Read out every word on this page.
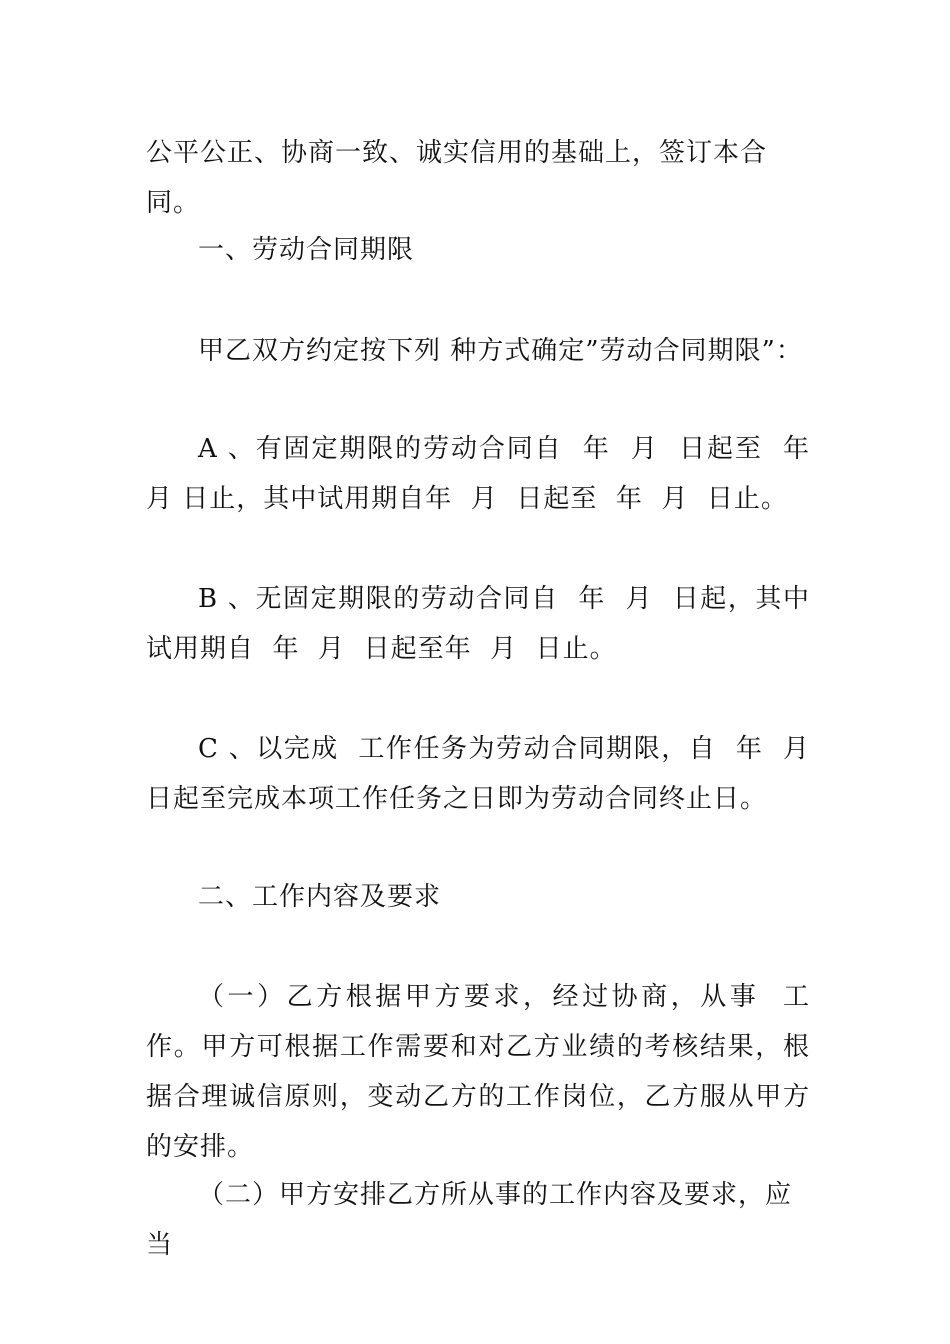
公平公正、协商一致、诚实信用的基础上，签订本合同。

一、劳动合同期限

甲乙双方约定按下列 种方式确定”劳动合同期限”：

A 、有固定期限的劳动合同自  年  月  日起至  年  月 日止，其中试用期自年  月  日起至  年  月  日止。

B 、无固定期限的劳动合同自  年  月  日起，其中  试用期自  年  月  日起至年  月  日止。

C 、以完成  工作任务为劳动合同期限，自  年  月  日起至完成本项工作任务之日即为劳动合同终止日。

二、工作内容及要求

（一）乙方根据甲方要求，经过协商，从事  工作。甲方可根据工作需要和对乙方业绩的考核结果，根据合理诚信原则，变动乙方的工作岗位，乙方服从甲方的安排。

（二）甲方安排乙方所从事的工作内容及要求，应当
